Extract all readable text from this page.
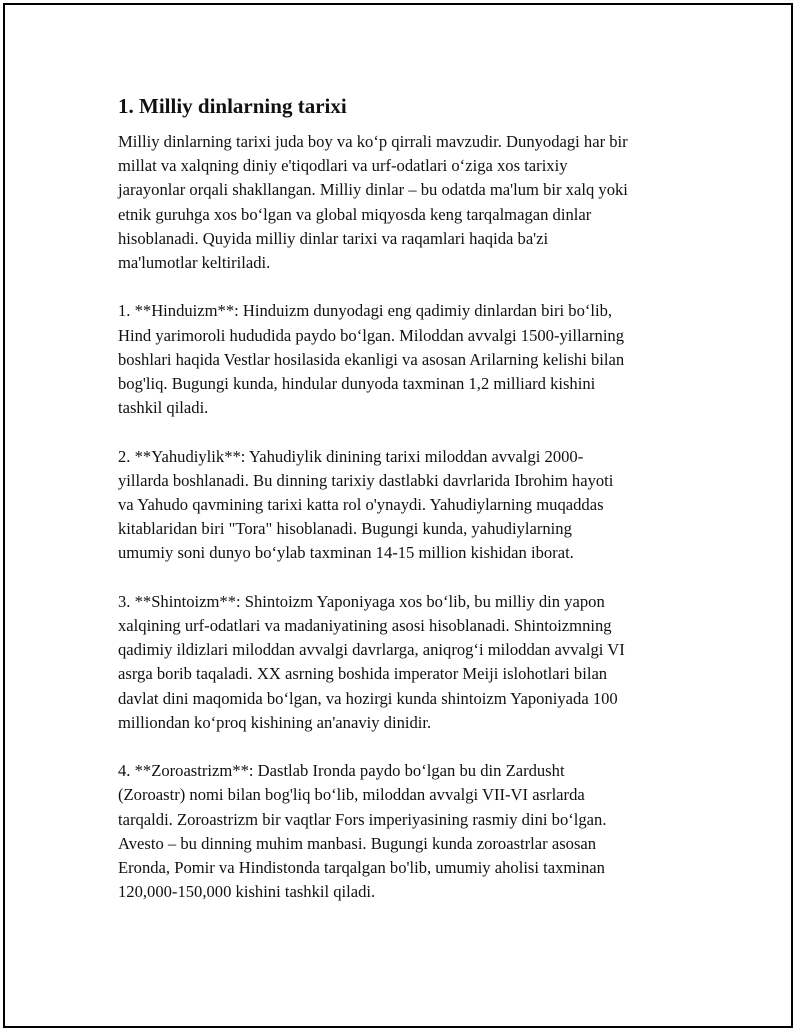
1. Milliy dinlarning tarixi

Milliy dinlarning tarixi juda boy va ko‘p qirrali mavzudir. Dunyodagi har bir
millat va xalqning diniy e'tiqodlari va urf-odatlari o‘ziga xos tarixiy
jarayonlar orqali shakllangan. Milliy dinlar – bu odatda ma'lum bir xalq yoki
etnik guruhga xos bo‘lgan va global miqyosda keng tarqalmagan dinlar
hisoblanadi. Quyida milliy dinlar tarixi va raqamlari haqida ba'zi
ma'lumotlar keltiriladi.

1. **Hinduizm**: Hinduizm dunyodagi eng qadimiy dinlardan biri bo‘lib,
Hind yarimoroli hududida paydo bo‘lgan. Miloddan avvalgi 1500-yillarning
boshlari haqida Vestlar hosilasida ekanligi va asosan Arilarning kelishi bilan
bog'liq. Bugungi kunda, hindular dunyoda taxminan 1,2 milliard kishini
tashkil qiladi.

2. **Yahudiylik**: Yahudiylik dinining tarixi miloddan avvalgi 2000-
yillarda boshlanadi. Bu dinning tarixiy dastlabki davrlarida Ibrohim hayoti
va Yahudo qavmining tarixi katta rol o'ynaydi. Yahudiylarning muqaddas
kitablaridan biri "Tora" hisoblanadi. Bugungi kunda, yahudiylarning
umumiy soni dunyo bo‘ylab taxminan 14-15 million kishidan iborat.

3. **Shintoizm**: Shintoizm Yaponiyaga xos bo‘lib, bu milliy din yapon
xalqining urf-odatlari va madaniyatining asosi hisoblanadi. Shintoizmning
qadimiy ildizlari miloddan avvalgi davrlarga, aniqrog‘i miloddan avvalgi VI
asrga borib taqaladi. XX asrning boshida imperator Meiji islohotlari bilan
davlat dini maqomida bo‘lgan, va hozirgi kunda shintoizm Yaponiyada 100
milliondan ko‘proq kishining an'anaviy dinidir.

4. **Zoroastrizm**: Dastlab Ironda paydo bo‘lgan bu din Zardusht
(Zoroastr) nomi bilan bog'liq bo‘lib, miloddan avvalgi VII-VI asrlarda
tarqaldi. Zoroastrizm bir vaqtlar Fors imperiyasining rasmiy dini bo‘lgan.
Avesto – bu dinning muhim manbasi. Bugungi kunda zoroastrlar asosan
Eronda, Pomir va Hindistonda tarqalgan bo'lib, umumiy aholisi taxminan
120,000-150,000 kishini tashkil qiladi.
